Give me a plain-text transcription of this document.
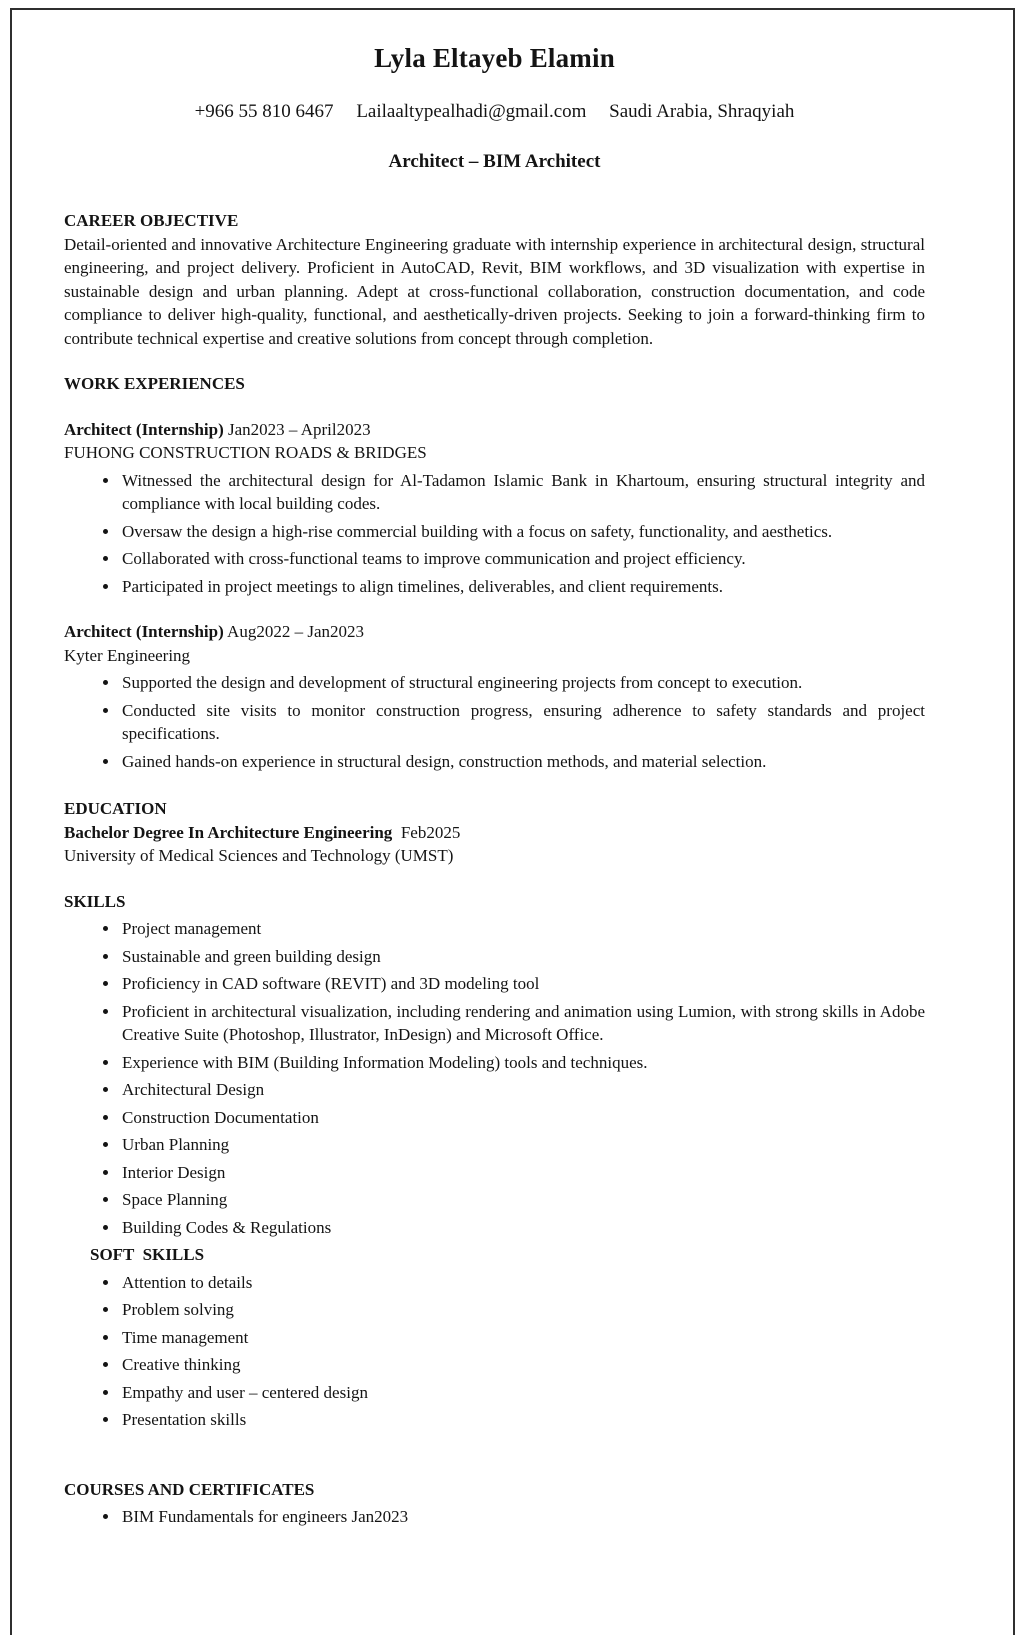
Lyla Eltayeb Elamin
+966 55 810 6467 Lailaaltypealhadi@gmail.com Saudi Arabia, Shraqyiah
Architect – BIM Architect
CAREER OBJECTIVE

Detail-oriented and innovative Architecture Engineering graduate with internship experience in architectural design, structural engineering, and project delivery. Proficient in AutoCAD, Revit, BIM workflows, and 3D visualization with expertise in sustainable design and urban planning. Adept at cross-functional collaboration, construction documentation, and code compliance to deliver high-quality, functional, and aesthetically-driven projects. Seeking to join a forward-thinking firm to contribute technical expertise and creative solutions from concept through completion.

WORK EXPERIENCES
Architect (Internship) Jan2023 – April2023
FUHONG CONSTRUCTION ROADS & BRIDGES
• Witnessed the architectural design for Al-Tadamon Islamic Bank in Khartoum, ensuring structural integrity and compliance with local building codes.
• Oversaw the design a high-rise commercial building with a focus on safety, functionality, and aesthetics.
• Collaborated with cross-functional teams to improve communication and project efficiency.
• Participated in project meetings to align timelines, deliverables, and client requirements.
Architect (Internship) Aug2022 – Jan2023
Kyter Engineering
• Supported the design and development of structural engineering projects from concept to execution.
• Conducted site visits to monitor construction progress, ensuring adherence to safety standards and project specifications.
• Gained hands-on experience in structural design, construction methods, and material selection.
EDUCATION
Bachelor Degree In Architecture Engineering  Feb2025
University of Medical Sciences and Technology (UMST)
SKILLS
• Project management
• Sustainable and green building design
• Proficiency in CAD software (REVIT) and 3D modeling tool
• Proficient in architectural visualization, including rendering and animation using Lumion, with strong skills in Adobe Creative Suite (Photoshop, Illustrator, InDesign) and Microsoft Office.
• Experience with BIM (Building Information Modeling) tools and techniques.
• Architectural Design
• Construction Documentation
• Urban Planning
• Interior Design
• Space Planning
• Building Codes & Regulations
SOFT  SKILLS
• Attention to details
• Problem solving
• Time management
• Creative thinking
• Empathy and user – centered design
• Presentation skills
COURSES AND CERTIFICATES
• BIM Fundamentals for engineers Jan2023
